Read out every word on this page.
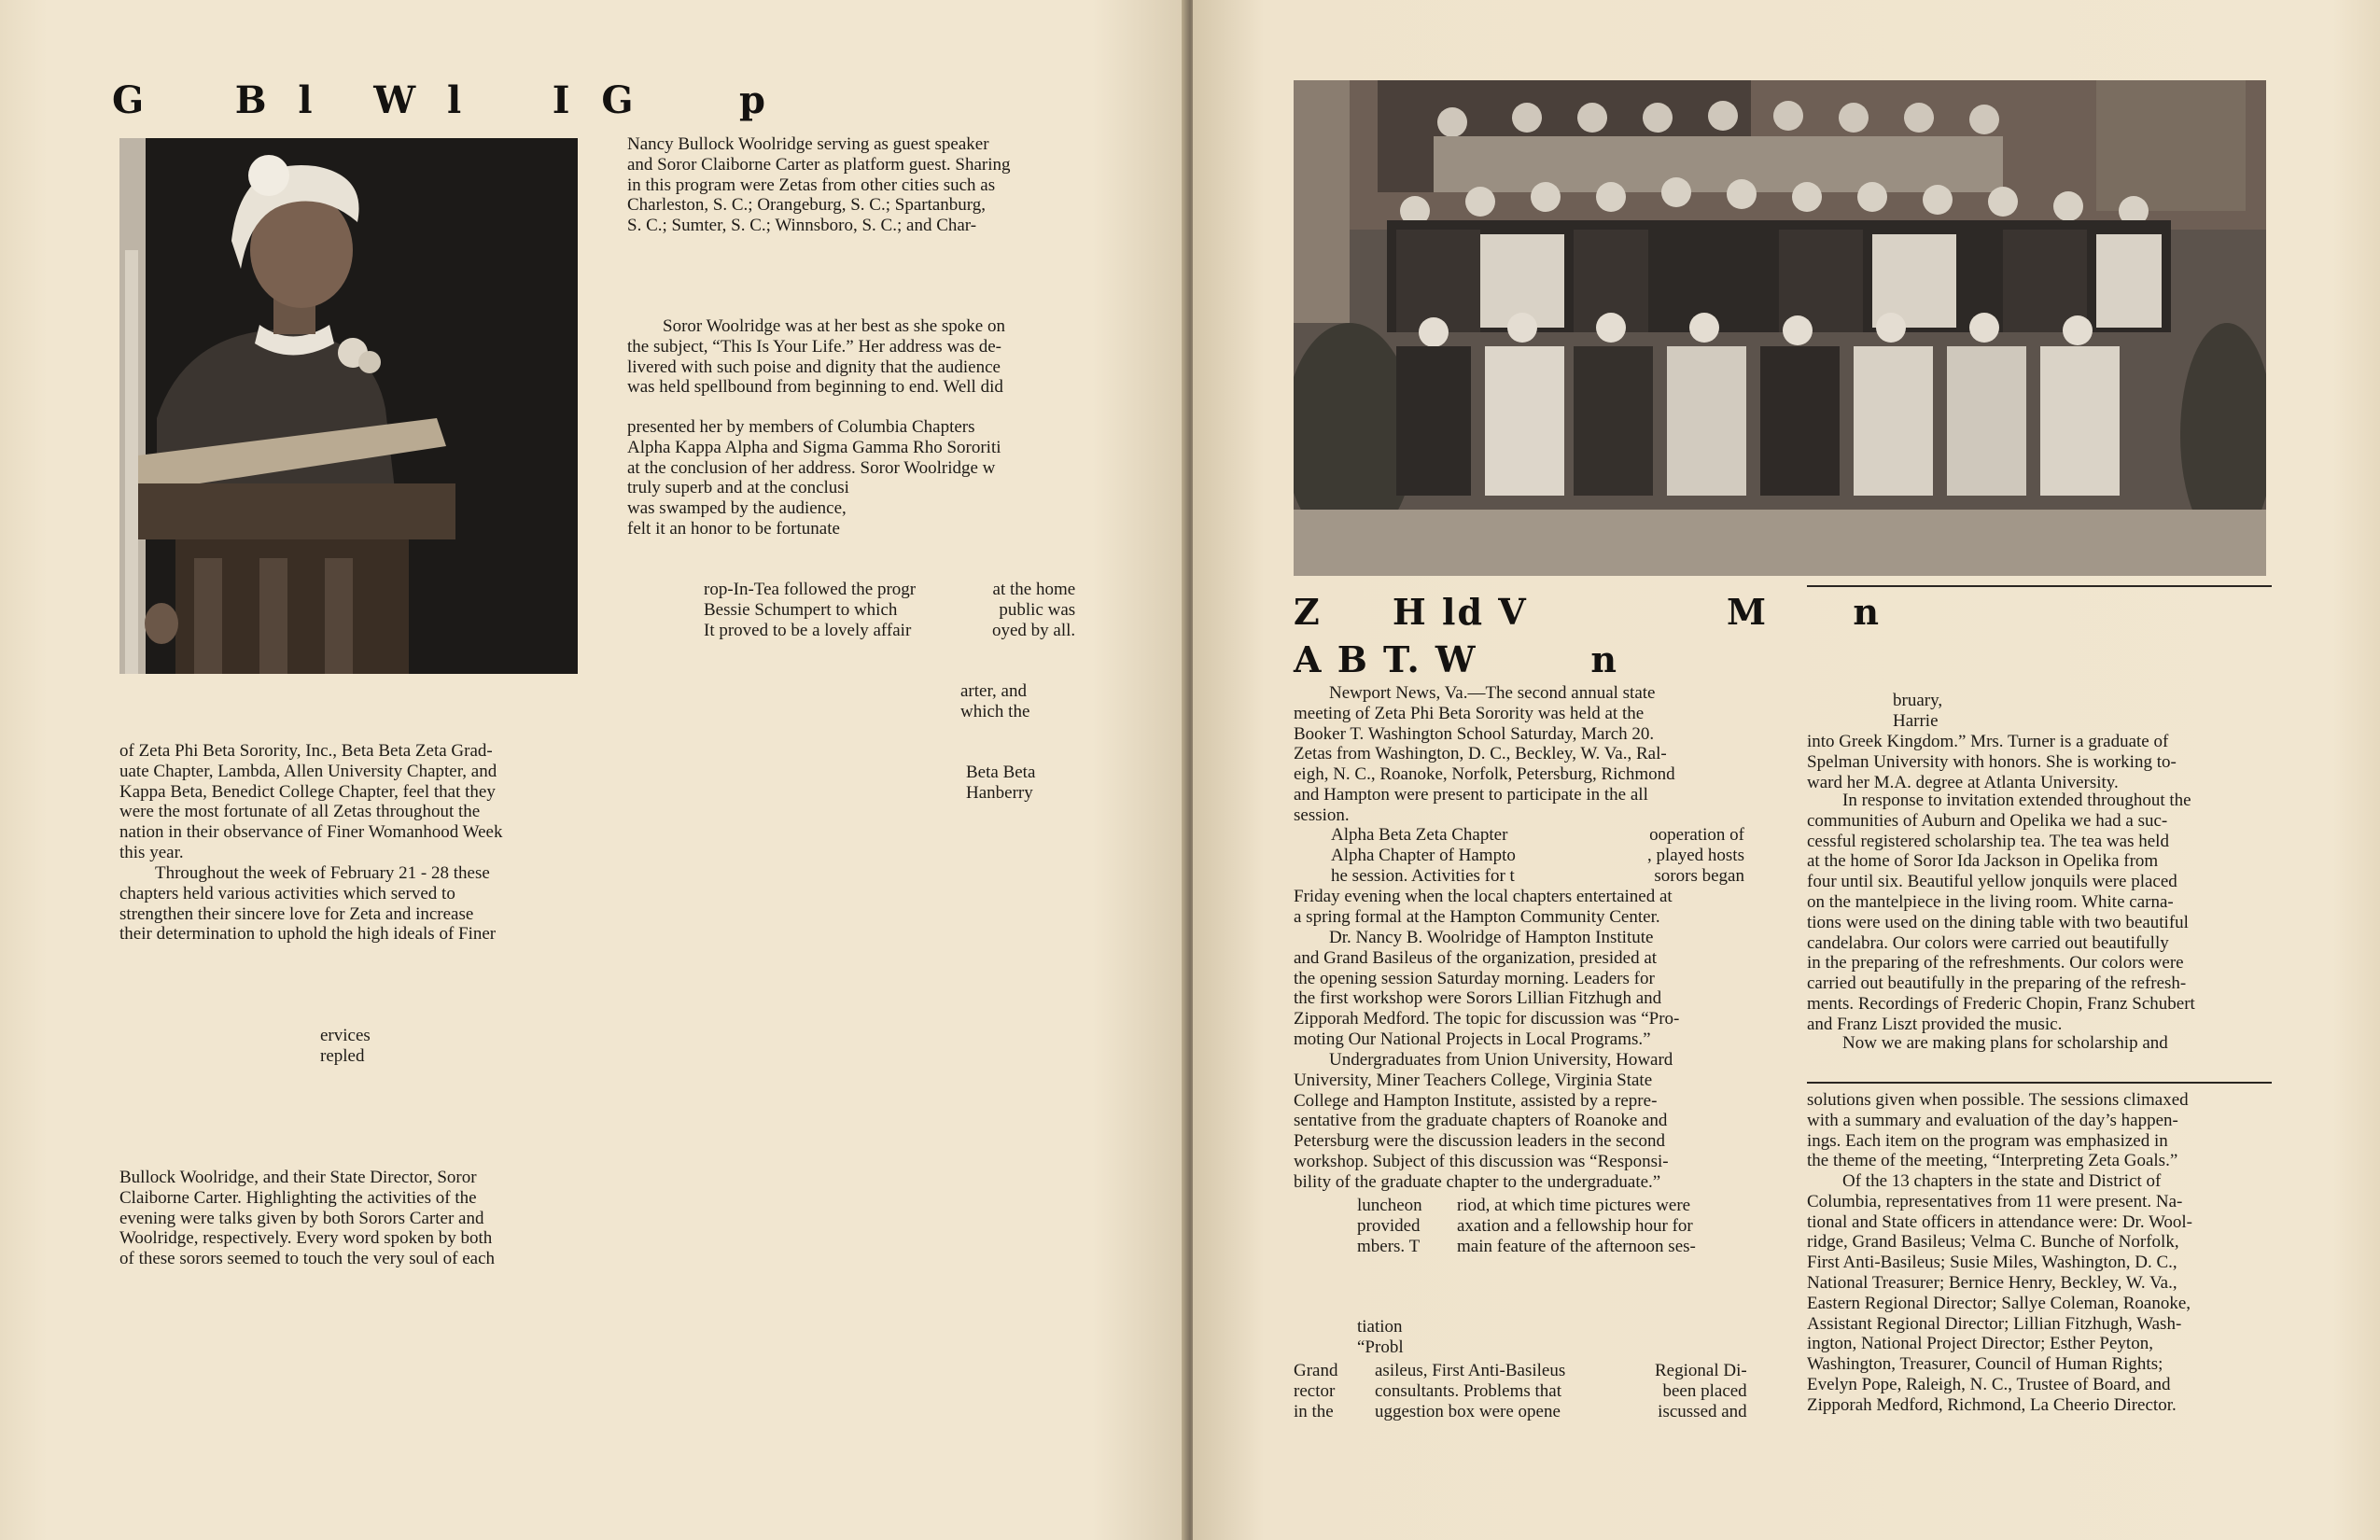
G      B  l    W  l      I  G       p
of Zeta Phi Beta Sorority, Inc., Beta Beta Zeta Grad-
uate Chapter, Lambda, Allen University Chapter, and
Kappa Beta, Benedict College Chapter, feel that they
were the most fortunate of all Zetas throughout the
nation in their observance of Finer Womanhood Week
this year.
Throughout the week of February 21 - 28 these
chapters held various activities which served to
strengthen their sincere love for Zeta and increase
their determination to uphold the high ideals of Finer
ervices
repled
Bullock Woolridge, and their State Director, Soror
Claiborne Carter. Highlighting the activities of the
evening were talks given by both Sorors Carter and
Woolridge, respectively. Every word spoken by both
of these sorors seemed to touch the very soul of each
Nancy Bullock Woolridge serving as guest speaker
and Soror Claiborne Carter as platform guest. Sharing
in this program were Zetas from other cities such as
Charleston, S. C.; Orangeburg, S. C.; Spartanburg,
S. C.; Sumter, S. C.; Winnsboro, S. C.; and Char-
Soror Woolridge was at her best as she spoke on
the subject, “This Is Your Life.” Her address was de-
livered with such poise and dignity that the audience
was held spellbound from beginning to end. Well did
presented her by members of Columbia Chapters
Alpha Kappa Alpha and Sigma Gamma Rho Sororiti
at the conclusion of her address. Soror Woolridge w
truly superb and at the conclusi
was swamped by the audience,
felt it an honor to be fortunate
rop-In-Tea followed the progr
Bessie Schumpert to which
It proved to be a lovely affair
at the home
public was
oyed by all.
arter, and
which the
Beta Beta
Hanberry
Z     H ld V              M      n
A B T. W        n
Newport News, Va.—The second annual state
meeting of Zeta Phi Beta Sorority was held at the
Booker T. Washington School Saturday, March 20.
Zetas from Washington, D. C., Beckley, W. Va., Ral-
eigh, N. C., Roanoke, Norfolk, Petersburg, Richmond
and Hampton were present to participate in the all
session.
Alpha Beta Zeta Chapter
Alpha Chapter of Hampto
he session. Activities for t
ooperation of
, played hosts
sorors began
Friday evening when the local chapters entertained at
a spring formal at the Hampton Community Center.
Dr. Nancy B. Woolridge of Hampton Institute
and Grand Basileus of the organization, presided at
the opening session Saturday morning. Leaders for
the first workshop were Sorors Lillian Fitzhugh and
Zipporah Medford. The topic for discussion was “Pro-
moting Our National Projects in Local Programs.”
Undergraduates from Union University, Howard
University, Miner Teachers College, Virginia State
College and Hampton Institute, assisted by a repre-
sentative from the graduate chapters of Roanoke and
Petersburg were the discussion leaders in the second
workshop. Subject of this discussion was “Responsi-
bility of the graduate chapter to the undergraduate.”
luncheon
provided
mbers. T
riod, at which time pictures were
axation and a fellowship hour for
main feature of the afternoon ses-
tiation
“Probl
Grand
rector
in the
asileus, First Anti-Basileus
consultants. Problems that
uggestion box were opene
Regional Di-
been placed
iscussed and
bruary,
Harrie
into Greek Kingdom.” Mrs. Turner is a graduate of
Spelman University with honors. She is working to-
ward her M.A. degree at Atlanta University.
In response to invitation extended throughout the
communities of Auburn and Opelika we had a suc-
cessful registered scholarship tea. The tea was held
at the home of Soror Ida Jackson in Opelika from
four until six. Beautiful yellow jonquils were placed
on the mantelpiece in the living room. White carna-
tions were used on the dining table with two beautiful
candelabra. Our colors were carried out beautifully
in the preparing of the refreshments. Our colors were
carried out beautifully in the preparing of the refresh-
ments. Recordings of Frederic Chopin, Franz Schubert
and Franz Liszt provided the music.
Now we are making plans for scholarship and
solutions given when possible. The sessions climaxed
with a summary and evaluation of the day’s happen-
ings. Each item on the program was emphasized in
the theme of the meeting, “Interpreting Zeta Goals.”
Of the 13 chapters in the state and District of
Columbia, representatives from 11 were present. Na-
tional and State officers in attendance were: Dr. Wool-
ridge, Grand Basileus; Velma C. Bunche of Norfolk,
First Anti-Basileus; Susie Miles, Washington, D. C.,
National Treasurer; Bernice Henry, Beckley, W. Va.,
Eastern Regional Director; Sallye Coleman, Roanoke,
Assistant Regional Director; Lillian Fitzhugh, Wash-
ington, National Project Director; Esther Peyton,
Washington, Treasurer, Council of Human Rights;
Evelyn Pope, Raleigh, N. C., Trustee of Board, and
Zipporah Medford, Richmond, La Cheerio Director.
